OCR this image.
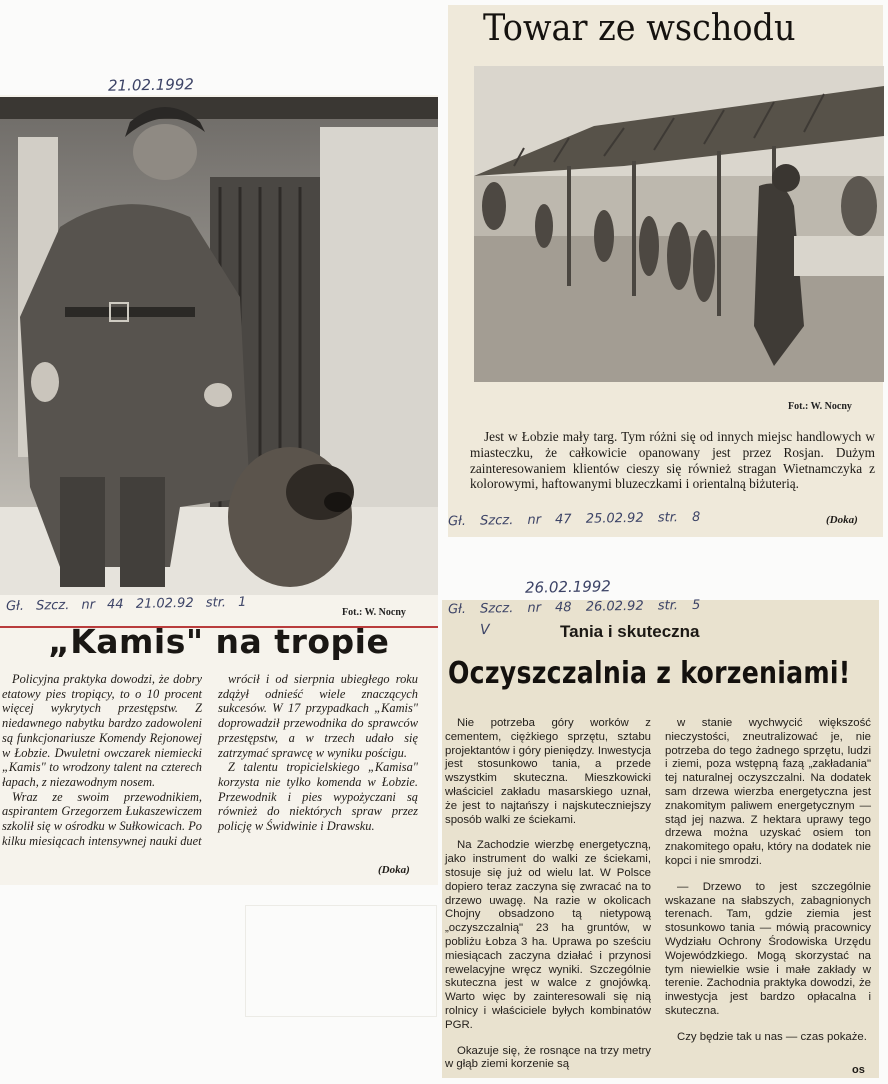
21.02.1992
Gł. Szcz. nr 44 21.02.92 str. 1	Fot.: W. Nocny
„Kamis" na tropie

Policyjna praktyka dowodzi, że dobry etatowy pies tropiący, to o 10 procent więcej wykrytych przestępstw. Z niedawnego nabytku bardzo zadowoleni są funkcjonariusze Komendy Rejonowej w Łobzie. Dwuletni owczarek niemiecki „Kamis" to wrodzony talent na czterech łapach, z niezawodnym nosem.

Wraz ze swoim przewodnikiem, aspirantem Grzegorzem Łukaszewiczem szkolił się w ośrodku w Sułkowicach. Po kilku miesiącach intensywnej nauki duet

wrócił i od sierpnia ubiegłego roku zdążył odnieść wiele znaczących sukcesów. W 17 przypadkach „Kamis" doprowadził przewodnika do sprawców przestępstw, a w trzech udało się zatrzymać sprawcę w wyniku pościgu.

Z talentu tropicielskiego „Kamisa" korzysta nie tylko komenda w Łobzie. Przewodnik i pies wypożyczani są również do niektórych spraw przez policję w Świdwinie i Drawsku.

(Doka)
Towar ze wschodu
Fot.: W. Nocny

Jest w Łobzie mały targ. Tym różni się od innych miejsc handlowych w miasteczku, że całkowicie opanowany jest przez Rosjan. Dużym zainteresowaniem klientów cieszy się również stragan Wietnamczyka z kolorowymi, haftowanymi bluzeczkami i orientalną biżuterią.

Gł. Szcz. nr 47 25.02.92 str. 8	(Doka)
26.02.1992
Gł. Szcz. nr 48 26.02.92 str. 5
V	Tania i skuteczna
Oczyszczalnia z korzeniami!

Nie potrzeba góry worków z cementem, ciężkiego sprzętu, sztabu projektantów i góry pieniędzy. Inwestycja jest stosunkowo tania, a przede wszystkim skuteczna. Mieszkowicki właściciel zakładu masarskiego uznał, że jest to najtańszy i najskuteczniejszy sposób walki ze ściekami.

Na Zachodzie wierzbę energetyczną, jako instrument do walki ze ściekami, stosuje się już od wielu lat. W Polsce dopiero teraz zaczyna się zwracać na to drzewo uwagę. Na razie w okolicach Chojny obsadzono tą nietypową „oczyszczalnią" 23 ha gruntów, w pobliżu Łobza 3 ha. Uprawa po sześciu miesiącach zaczyna działać i przynosi rewelacyjne wręcz wyniki. Szczególnie skuteczna jest w walce z gnojówką. Warto więc by zainteresowali się nią rolnicy i właściciele byłych kombinatów PGR.

Okazuje się, że rosnące na trzy metry w głąb ziemi korzenie są

w stanie wychwycić większość nieczystości, zneutralizować je, nie potrzeba do tego żadnego sprzętu, ludzi i ziemi, poza wstępną fazą „zakładania" tej naturalnej oczyszczalni. Na dodatek sam drzewa wierzba energetyczna jest znakomitym paliwem energetycznym — stąd jej nazwa. Z hektara uprawy tego drzewa można uzyskać osiem ton znakomitego opału, który na dodatek nie kopci i nie smrodzi.

— Drzewo to jest szczególnie wskazane na słabszych, zabagnionych terenach. Tam, gdzie ziemia jest stosunkowo tania — mówią pracownicy Wydziału Ochrony Środowiska Urzędu Wojewódzkiego. Mogą skorzystać na tym niewielkie wsie i małe zakłady w terenie. Zachodnia praktyka dowodzi, że inwestycja jest bardzo opłacalna i skuteczna.

Czy będzie tak u nas — czas pokaże.

os
